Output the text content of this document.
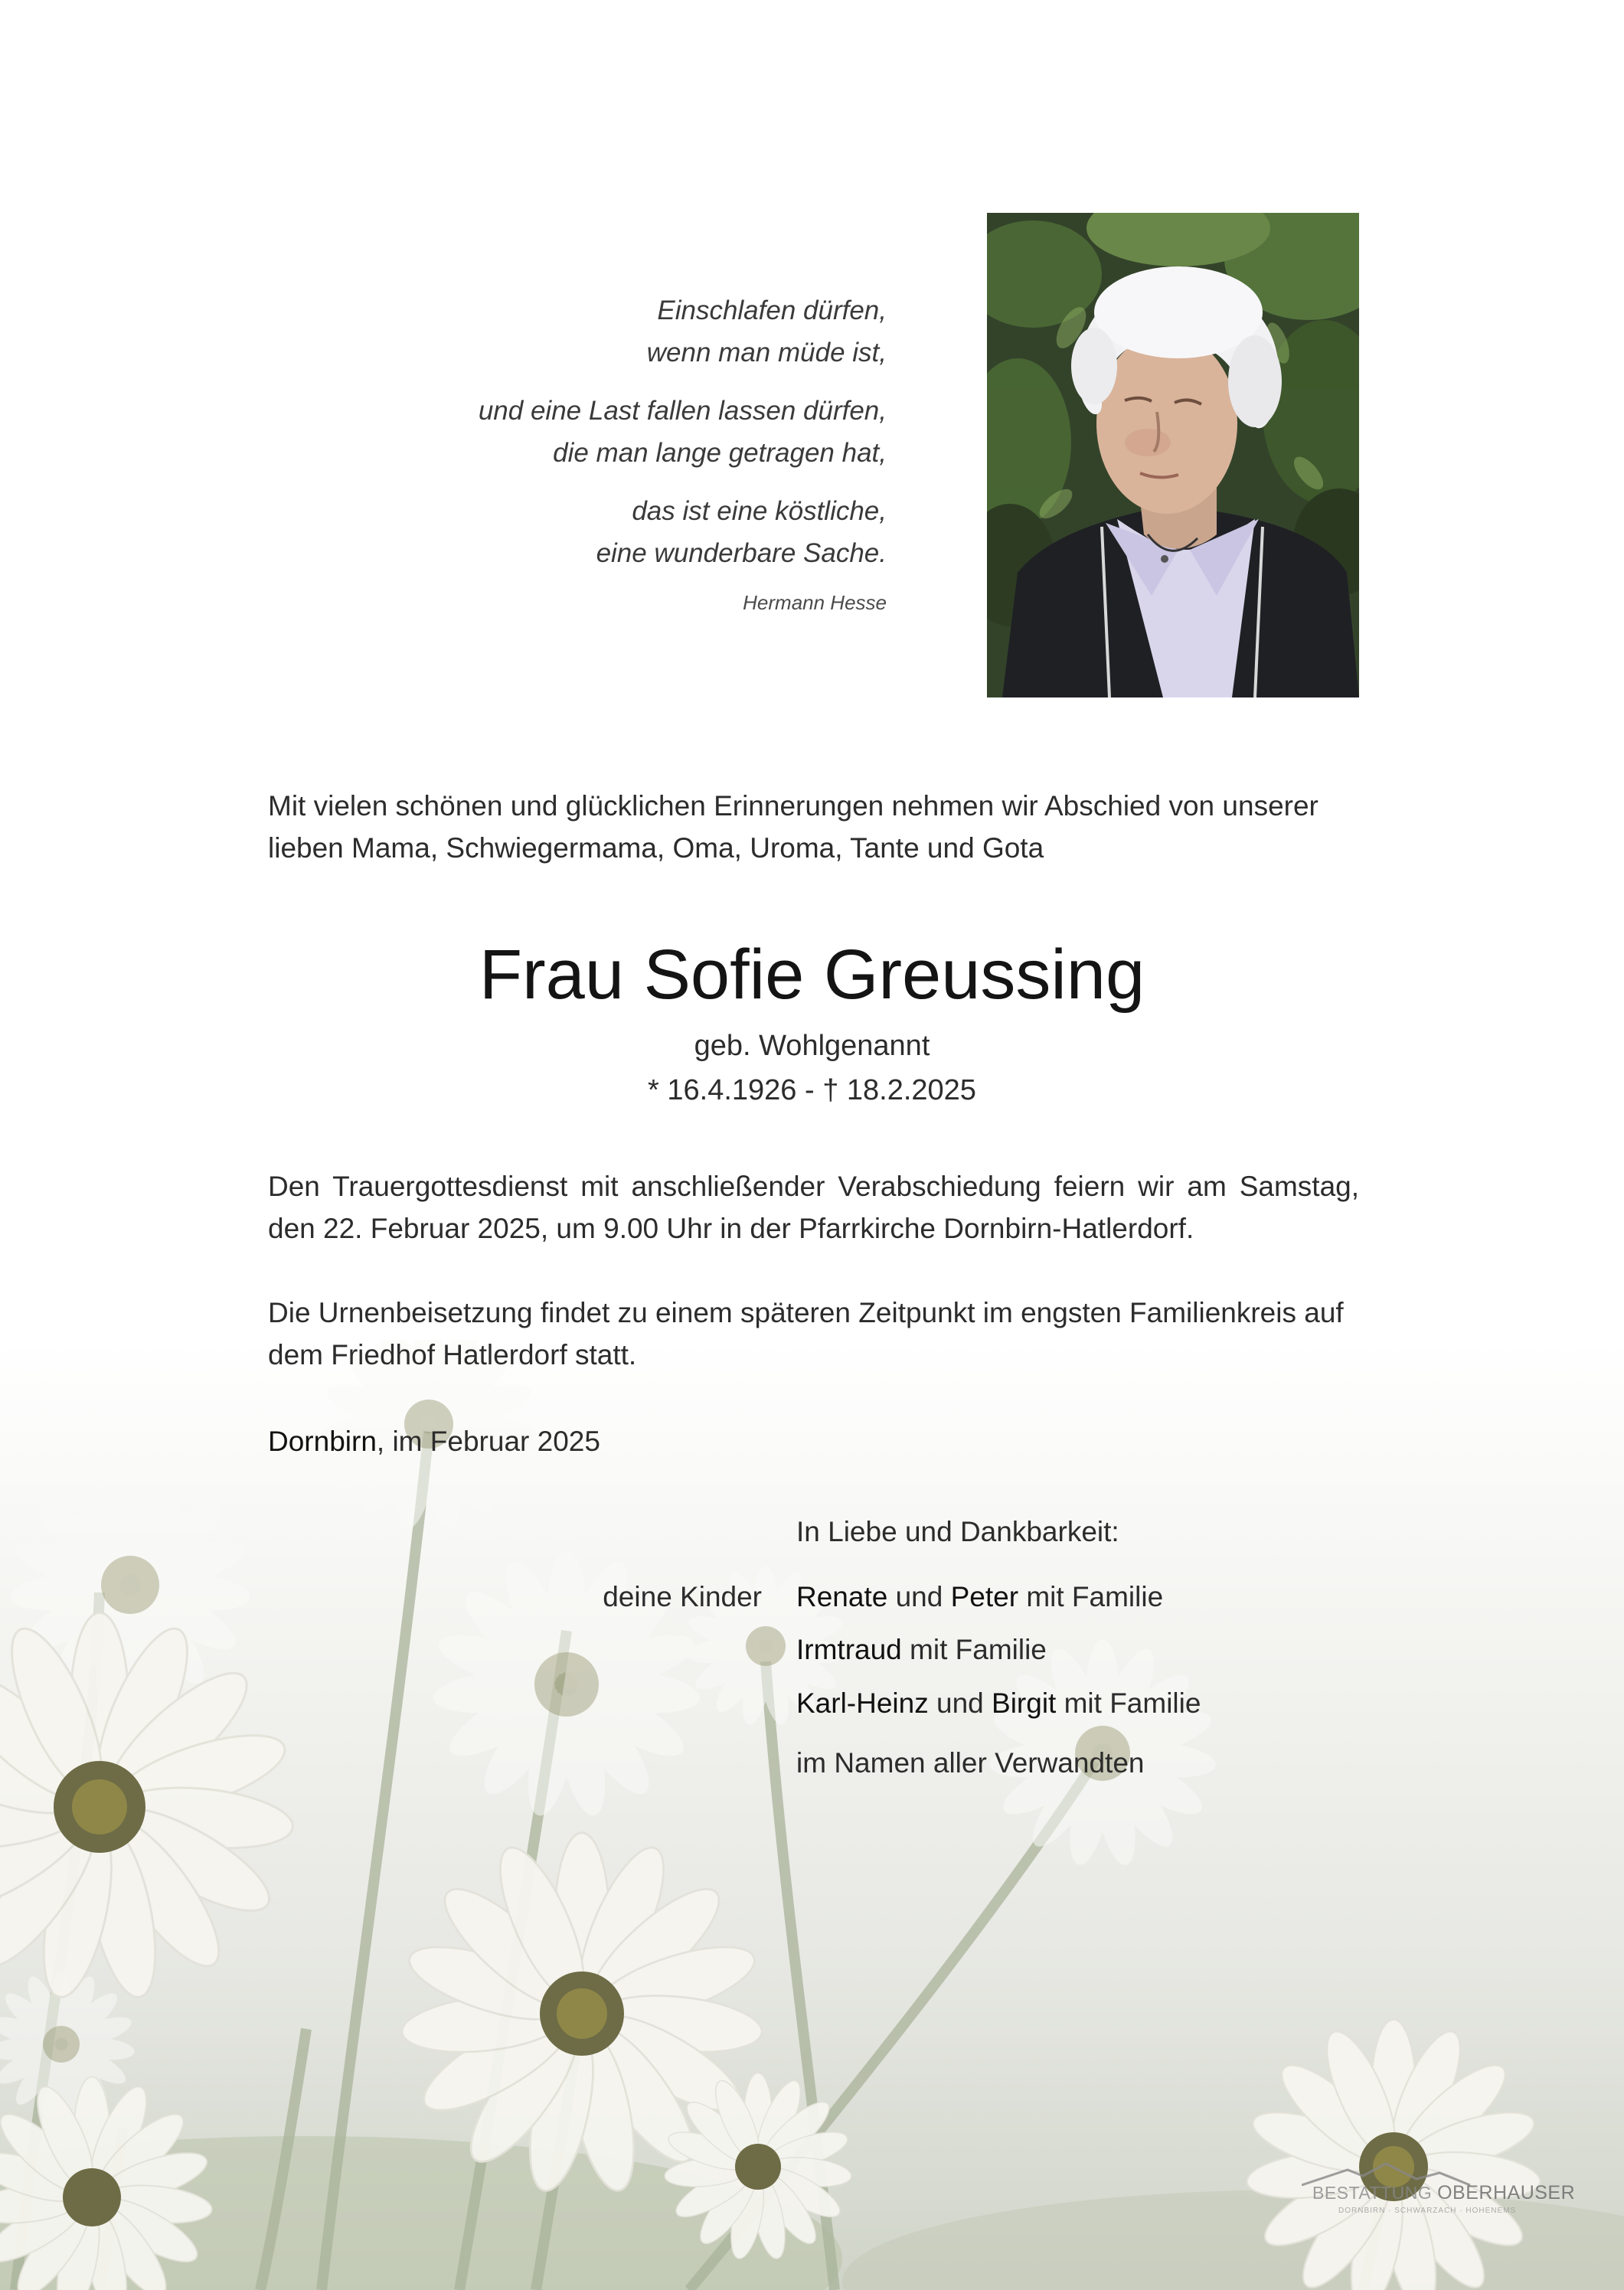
Einschlafen dürfen,
wenn man müde ist,
und eine Last fallen lassen dürfen,
die man lange getragen hat,
das ist eine köstliche,
eine wunderbare Sache.
Hermann Hesse
Mit vielen schönen und glücklichen Erinnerungen nehmen wir Abschied von unserer lieben Mama, Schwiegermama, Oma, Uroma, Tante und Gota
Frau Sofie Greussing
geb. Wohlgenannt
* 16.4.1926 - † 18.2.2025
Den Trauergottesdienst mit anschließender Verabschiedung feiern wir am Samstag, den 22. Februar 2025, um 9.00 Uhr in der Pfarrkirche Dornbirn-Hatlerdorf.
Die Urnenbeisetzung findet zu einem späteren Zeitpunkt im engsten Familienkreis auf dem Friedhof Hatlerdorf statt.
Dornbirn, im Februar 2025
In Liebe und Dankbarkeit:
deine Kinder Renate und Peter mit Familie
Irmtraud mit Familie
Karl-Heinz und Birgit mit Familie
im Namen aller Verwandten
BESTATTUNG OBERHAUSER
DORNBIRN · SCHWARZACH · HOHENEMS
